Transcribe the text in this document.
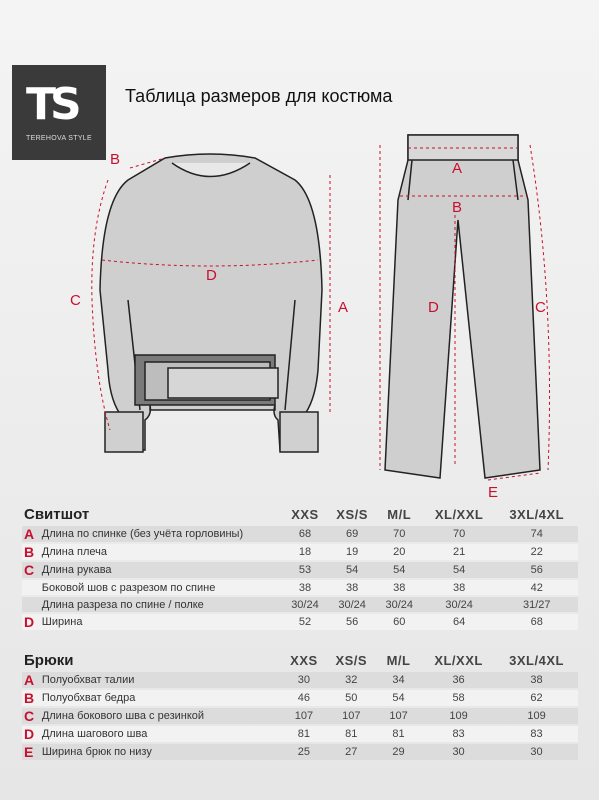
TS
TEREHOVA STYLE
Таблица размеров для костюма
B
C
D
A
A
B
D	C
E
Свитшот		XXS	XS/S	M/L	XL/XXL	3XL/4XL
A	Длина по спинке (без учёта горловины)	68	69	70	70	74
B	Длина плеча	18	19	20	21	22
C	Длина рукава	53	54	54	54	56
	Боковой шов с разрезом по спине	38	38	38	38	42
	Длина разреза по спине / полке	30/24	30/24	30/24	30/24	31/27
D	Ширина	52	56	60	64	68
Брюки		XXS	XS/S	M/L	XL/XXL	3XL/4XL
A	Полуобхват талии	30	32	34	36	38
B	Полуобхват бедра	46	50	54	58	62
C	Длина бокового шва с резинкой	107	107	107	109	109
D	Длина шагового шва	81	81	81	83	83
E	Ширина брюк по низу	25	27	29	30	30
